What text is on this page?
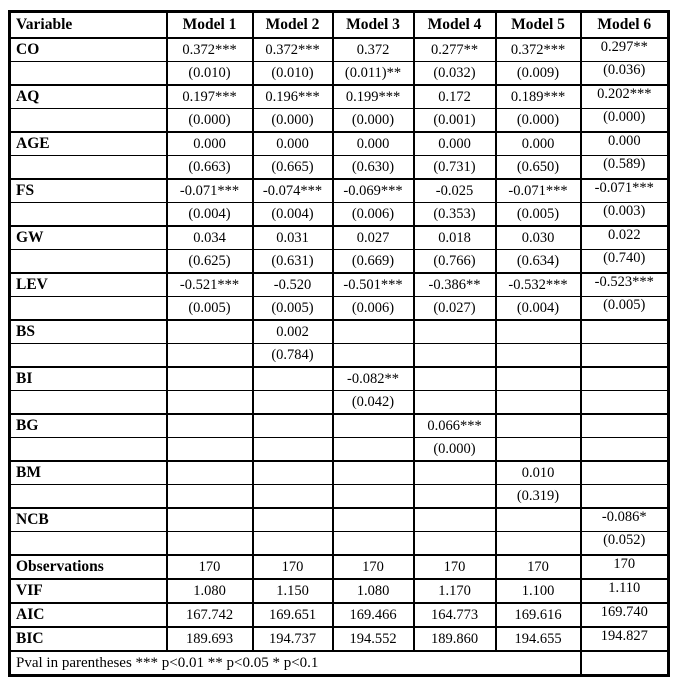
Variable	Model 1	Model 2	Model 3	Model 4	Model 5	Model 6
CO	0.372***	0.372***	0.372	0.277**	0.372***	0.297**
	(0.010)	(0.010)	(0.011)**	(0.032)	(0.009)	(0.036)
AQ	0.197***	0.196***	0.199***	0.172	0.189***	0.202***
	(0.000)	(0.000)	(0.000)	(0.001)	(0.000)	(0.000)
AGE	0.000	0.000	0.000	0.000	0.000	0.000
	(0.663)	(0.665)	(0.630)	(0.731)	(0.650)	(0.589)
FS	-0.071***	-0.074***	-0.069***	-0.025	-0.071***	-0.071***
	(0.004)	(0.004)	(0.006)	(0.353)	(0.005)	(0.003)
GW	0.034	0.031	0.027	0.018	0.030	0.022
	(0.625)	(0.631)	(0.669)	(0.766)	(0.634)	(0.740)
LEV	-0.521***	-0.520	-0.501***	-0.386**	-0.532***	-0.523***
	(0.005)	(0.005)	(0.006)	(0.027)	(0.004)	(0.005)
BS		0.002				
		(0.784)				
BI			-0.082**			
			(0.042)			
BG				0.066***		
				(0.000)		
BM					0.010	
					(0.319)	
NCB						-0.086*
						(0.052)
Observations	170	170	170	170	170	170
VIF	1.080	1.150	1.080	1.170	1.100	1.110
AIC	167.742	169.651	169.466	164.773	169.616	169.740
BIC	189.693	194.737	194.552	189.860	194.655	194.827
Pval in parentheses *** p<0.01 ** p<0.05 * p<0.1						
